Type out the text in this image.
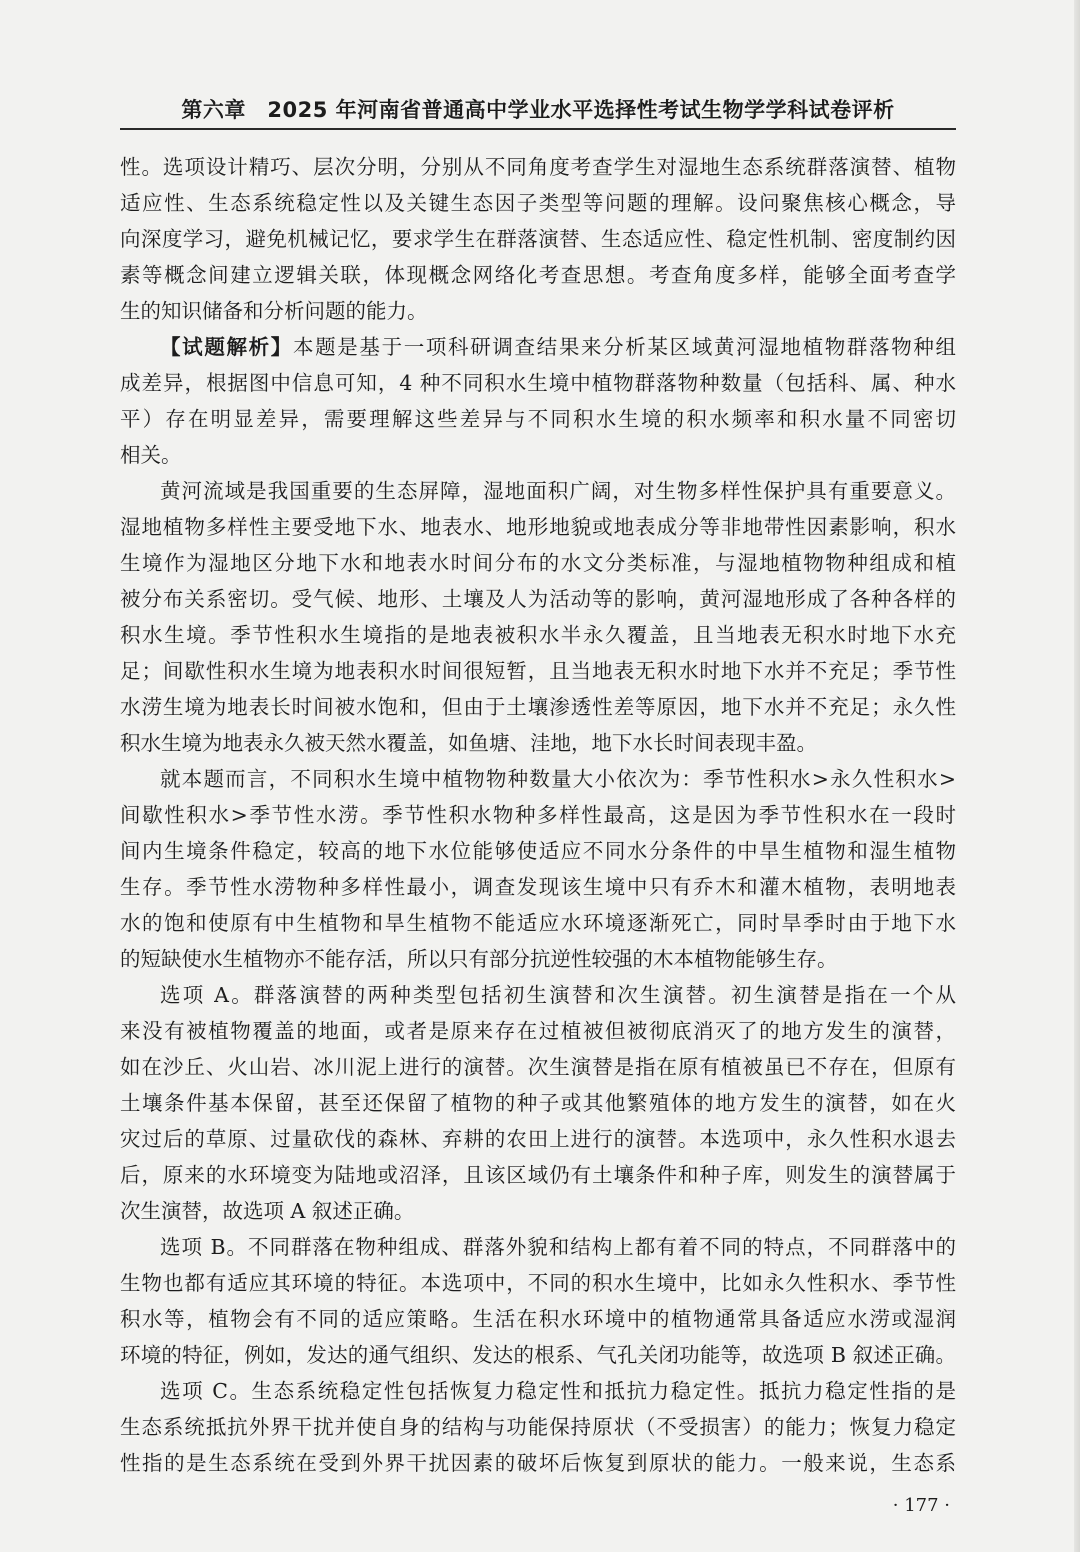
第六章　2025 年河南省普通高中学业水平选择性考试生物学学科试卷评析
性。选项设计精巧、层次分明，分别从不同角度考查学生对湿地生态系统群落演替、植物
适应性、生态系统稳定性以及关键生态因子类型等问题的理解。设问聚焦核心概念，导
向深度学习，避免机械记忆，要求学生在群落演替、生态适应性、稳定性机制、密度制约因
素等概念间建立逻辑关联，体现概念网络化考查思想。考查角度多样，能够全面考查学
生的知识储备和分析问题的能力。
【试题解析】本题是基于一项科研调查结果来分析某区域黄河湿地植物群落物种组
成差异，根据图中信息可知，4 种不同积水生境中植物群落物种数量（包括科、属、种水
平）存在明显差异，需要理解这些差异与不同积水生境的积水频率和积水量不同密切
相关。
黄河流域是我国重要的生态屏障，湿地面积广阔，对生物多样性保护具有重要意义。
湿地植物多样性主要受地下水、地表水、地形地貌或地表成分等非地带性因素影响，积水
生境作为湿地区分地下水和地表水时间分布的水文分类标准，与湿地植物物种组成和植
被分布关系密切。受气候、地形、土壤及人为活动等的影响，黄河湿地形成了各种各样的
积水生境。季节性积水生境指的是地表被积水半永久覆盖，且当地表无积水时地下水充
足；间歇性积水生境为地表积水时间很短暂，且当地表无积水时地下水并不充足；季节性
水涝生境为地表长时间被水饱和，但由于土壤渗透性差等原因，地下水并不充足；永久性
积水生境为地表永久被天然水覆盖，如鱼塘、洼地，地下水长时间表现丰盈。
就本题而言，不同积水生境中植物物种数量大小依次为：季节性积水>永久性积水>
间歇性积水>季节性水涝。季节性积水物种多样性最高，这是因为季节性积水在一段时
间内生境条件稳定，较高的地下水位能够使适应不同水分条件的中旱生植物和湿生植物
生存。季节性水涝物种多样性最小，调查发现该生境中只有乔木和灌木植物，表明地表
水的饱和使原有中生植物和旱生植物不能适应水环境逐渐死亡，同时旱季时由于地下水
的短缺使水生植物亦不能存活，所以只有部分抗逆性较强的木本植物能够生存。
选项 A。群落演替的两种类型包括初生演替和次生演替。初生演替是指在一个从
来没有被植物覆盖的地面，或者是原来存在过植被但被彻底消灭了的地方发生的演替，
如在沙丘、火山岩、冰川泥上进行的演替。次生演替是指在原有植被虽已不存在，但原有
土壤条件基本保留，甚至还保留了植物的种子或其他繁殖体的地方发生的演替，如在火
灾过后的草原、过量砍伐的森林、弃耕的农田上进行的演替。本选项中，永久性积水退去
后，原来的水环境变为陆地或沼泽，且该区域仍有土壤条件和种子库，则发生的演替属于
次生演替，故选项 A 叙述正确。
选项 B。不同群落在物种组成、群落外貌和结构上都有着不同的特点，不同群落中的
生物也都有适应其环境的特征。本选项中，不同的积水生境中，比如永久性积水、季节性
积水等，植物会有不同的适应策略。生活在积水环境中的植物通常具备适应水涝或湿润
环境的特征，例如，发达的通气组织、发达的根系、气孔关闭功能等，故选项 B 叙述正确。
选项 C。生态系统稳定性包括恢复力稳定性和抵抗力稳定性。抵抗力稳定性指的是
生态系统抵抗外界干扰并使自身的结构与功能保持原状（不受损害）的能力；恢复力稳定
性指的是生态系统在受到外界干扰因素的破坏后恢复到原状的能力。一般来说，生态系
· 177 ·
